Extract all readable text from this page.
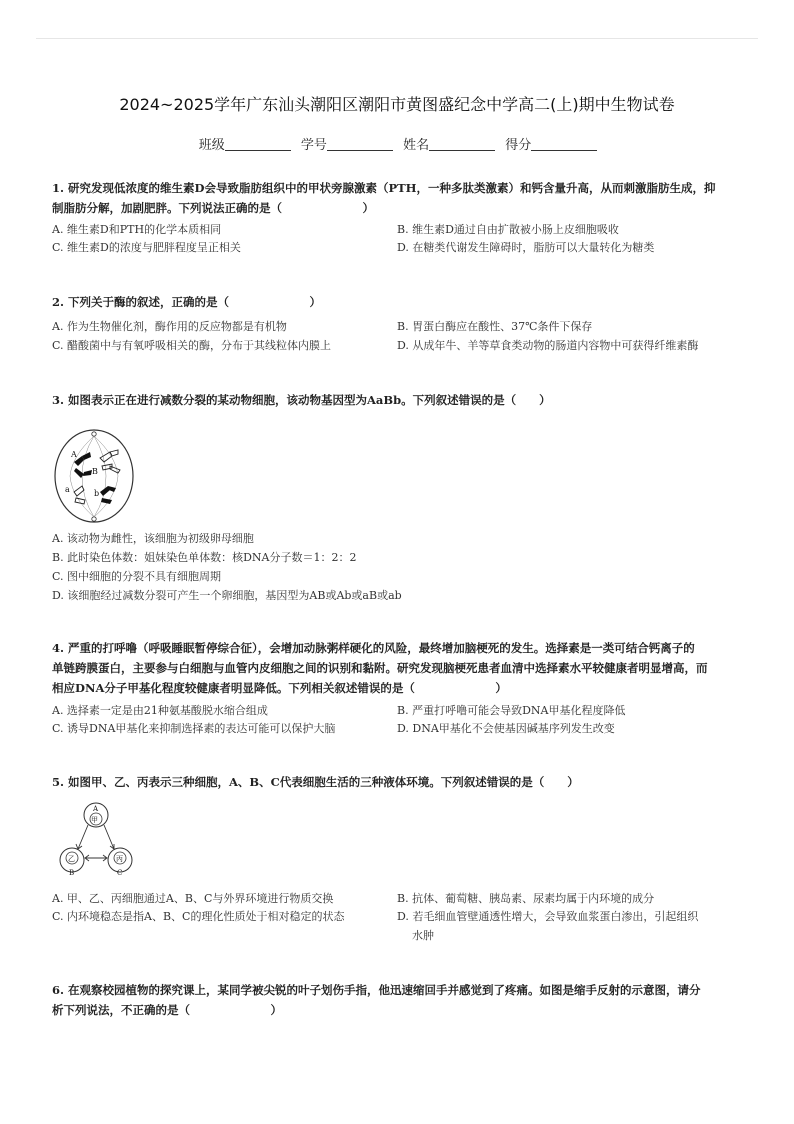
2024~2025学年广东汕头潮阳区潮阳市黄图盛纪念中学高二(上)期中生物试卷
班级	学号	姓名	得分
1. 研究发现低浓度的维生素D会导致脂肪组织中的甲状旁腺激素（PTH，一种多肽类激素）和钙含量升高，从而刺激脂肪生成，抑
制脂肪分解，加剧肥胖。下列说法正确的是（　　　　　　　）
A. 维生素D和PTH的化学本质相同	B. 维生素D通过自由扩散被小肠上皮细胞吸收
C. 维生素D的浓度与肥胖程度呈正相关	D. 在糖类代谢发生障碍时，脂肪可以大量转化为糖类
2. 下列关于酶的叙述，正确的是（　　　　　　　）
A. 作为生物催化剂，酶作用的反应物都是有机物	B. 胃蛋白酶应在酸性、37℃条件下保存
C. 醋酸菌中与有氧呼吸相关的酶，分布于其线粒体内膜上	D. 从成年牛、羊等草食类动物的肠道内容物中可获得纤维素酶
3. 如图表示正在进行减数分裂的某动物细胞，该动物基因型为AaBb。下列叙述错误的是（　　）
A
B
a	b
A. 该动物为雌性，该细胞为初级卵母细胞
B. 此时染色体数：姐妹染色单体数：核DNA分子数＝1：2：2
C. 图中细胞的分裂不具有细胞周期
D. 该细胞经过减数分裂可产生一个卵细胞，基因型为AB或Ab或aB或ab
4. 严重的打呼噜（呼吸睡眠暂停综合征），会增加动脉粥样硬化的风险，最终增加脑梗死的发生。选择素是一类可结合钙离子的
单链跨膜蛋白，主要参与白细胞与血管内皮细胞之间的识别和黏附。研究发现脑梗死患者血清中选择素水平较健康者明显增高，而
相应DNA分子甲基化程度较健康者明显降低。下列相关叙述错误的是（　　　　　　　）
A. 选择素一定是由21种氨基酸脱水缩合组成	B. 严重打呼噜可能会导致DNA甲基化程度降低
C. 诱导DNA甲基化来抑制选择素的表达可能可以保护大脑	D. DNA甲基化不会使基因碱基序列发生改变
5. 如图甲、乙、丙表示三种细胞，A、B、C代表细胞生活的三种液体环境。下列叙述错误的是（　　）
A
甲
B
乙
C
丙
A. 甲、乙、丙细胞通过A、B、C与外界环境进行物质交换	B. 抗体、葡萄糖、胰岛素、尿素均属于内环境的成分
C. 内环境稳态是指A、B、C的理化性质处于相对稳定的状态	D. 若毛细血管壁通透性增大，会导致血浆蛋白渗出，引起组织
水肿
6. 在观察校园植物的探究课上，某同学被尖锐的叶子划伤手指，他迅速缩回手并感觉到了疼痛。如图是缩手反射的示意图，请分
析下列说法，不正确的是（　　　　　　　）
